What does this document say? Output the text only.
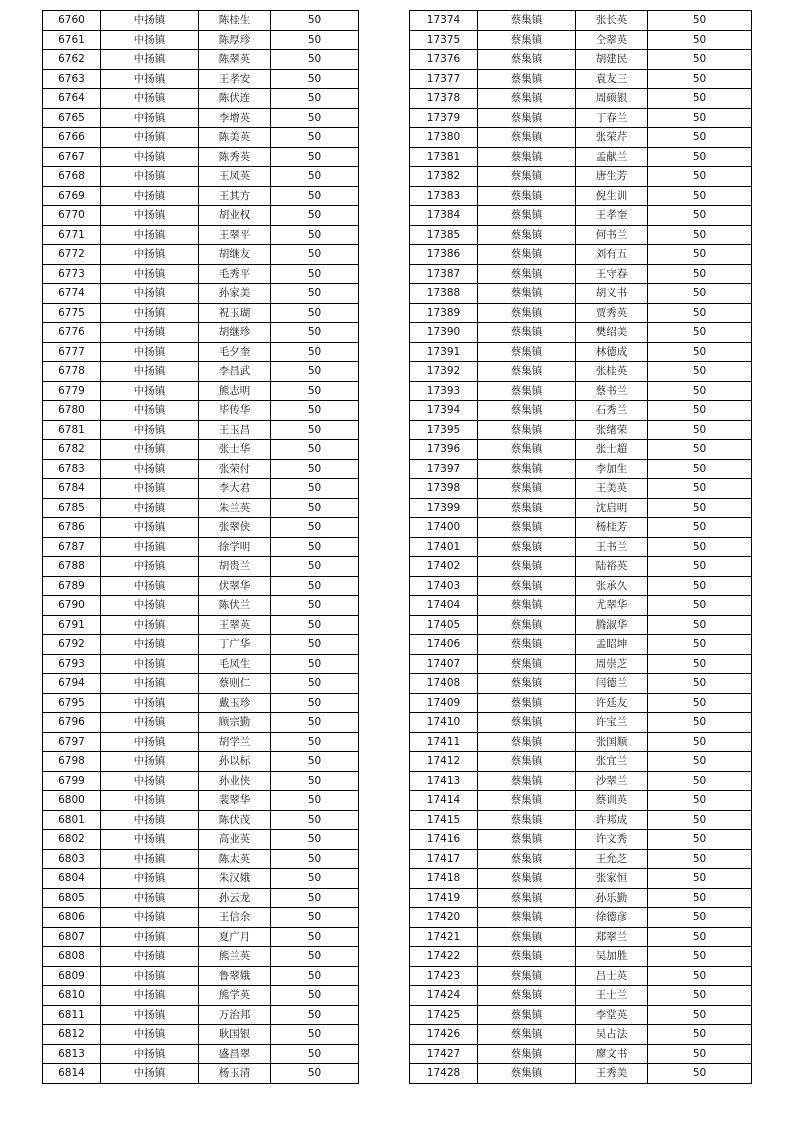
6760	中扬镇	陈桂生	50
6761	中扬镇	陈厚珍	50
6762	中扬镇	陈翠英	50
6763	中扬镇	王孝安	50
6764	中扬镇	陈伏连	50
6765	中扬镇	李增英	50
6766	中扬镇	陈美英	50
6767	中扬镇	陈秀英	50
6768	中扬镇	王凤英	50
6769	中扬镇	王其方	50
6770	中扬镇	胡业权	50
6771	中扬镇	王翠平	50
6772	中扬镇	胡继友	50
6773	中扬镇	毛秀平	50
6774	中扬镇	孙家美	50
6775	中扬镇	祝玉瑚	50
6776	中扬镇	胡继珍	50
6777	中扬镇	毛夕奎	50
6778	中扬镇	李昌武	50
6779	中扬镇	熊志明	50
6780	中扬镇	毕传华	50
6781	中扬镇	王玉昌	50
6782	中扬镇	张士华	50
6783	中扬镇	张荣付	50
6784	中扬镇	李大君	50
6785	中扬镇	朱兰英	50
6786	中扬镇	张翠侠	50
6787	中扬镇	徐学明	50
6788	中扬镇	胡贵兰	50
6789	中扬镇	伏翠华	50
6790	中扬镇	陈伏兰	50
6791	中扬镇	王翠英	50
6792	中扬镇	丁广华	50
6793	中扬镇	毛凤生	50
6794	中扬镇	蔡则仁	50
6795	中扬镇	戴玉珍	50
6796	中扬镇	顾宗勤	50
6797	中扬镇	胡学兰	50
6798	中扬镇	孙以标	50
6799	中扬镇	孙业侠	50
6800	中扬镇	裴翠华	50
6801	中扬镇	陈伏茂	50
6802	中扬镇	高业英	50
6803	中扬镇	陈太英	50
6804	中扬镇	朱汉娥	50
6805	中扬镇	孙云龙	50
6806	中扬镇	王信余	50
6807	中扬镇	夏广月	50
6808	中扬镇	熊兰英	50
6809	中扬镇	鲁翠娥	50
6810	中扬镇	熊学英	50
6811	中扬镇	万治邦	50
6812	中扬镇	耿国银	50
6813	中扬镇	盛昌翠	50
6814	中扬镇	杨玉清	50
17374	蔡集镇	张长英	50
17375	蔡集镇	仝翠英	50
17376	蔡集镇	胡建民	50
17377	蔡集镇	袁友三	50
17378	蔡集镇	周硕银	50
17379	蔡集镇	丁春兰	50
17380	蔡集镇	张荣芹	50
17381	蔡集镇	孟献兰	50
17382	蔡集镇	唐生芳	50
17383	蔡集镇	倪生训	50
17384	蔡集镇	王孝奎	50
17385	蔡集镇	何书兰	50
17386	蔡集镇	刘有五	50
17387	蔡集镇	王守春	50
17388	蔡集镇	胡义书	50
17389	蔡集镇	贾秀英	50
17390	蔡集镇	樊绍美	50
17391	蔡集镇	林德成	50
17392	蔡集镇	张桂英	50
17393	蔡集镇	蔡书兰	50
17394	蔡集镇	石秀兰	50
17395	蔡集镇	张绪荣	50
17396	蔡集镇	张士超	50
17397	蔡集镇	李加生	50
17398	蔡集镇	王美英	50
17399	蔡集镇	沈启明	50
17400	蔡集镇	杨桂芳	50
17401	蔡集镇	王书兰	50
17402	蔡集镇	陆裕英	50
17403	蔡集镇	张承久	50
17404	蔡集镇	尤翠华	50
17405	蔡集镇	腾淑华	50
17406	蔡集镇	孟昭坤	50
17407	蔡集镇	周崇芝	50
17408	蔡集镇	闫德兰	50
17409	蔡集镇	许廷友	50
17410	蔡集镇	许宝兰	50
17411	蔡集镇	张国顺	50
17412	蔡集镇	张宜兰	50
17413	蔡集镇	沙翠兰	50
17414	蔡集镇	蔡训英	50
17415	蔡集镇	许邦成	50
17416	蔡集镇	许文秀	50
17417	蔡集镇	王允芝	50
17418	蔡集镇	张家恒	50
17419	蔡集镇	孙乐勤	50
17420	蔡集镇	徐德彦	50
17421	蔡集镇	郑翠兰	50
17422	蔡集镇	吴加胜	50
17423	蔡集镇	吕士英	50
17424	蔡集镇	王士兰	50
17425	蔡集镇	李堂英	50
17426	蔡集镇	吴占法	50
17427	蔡集镇	廖文书	50
17428	蔡集镇	王秀美	50
